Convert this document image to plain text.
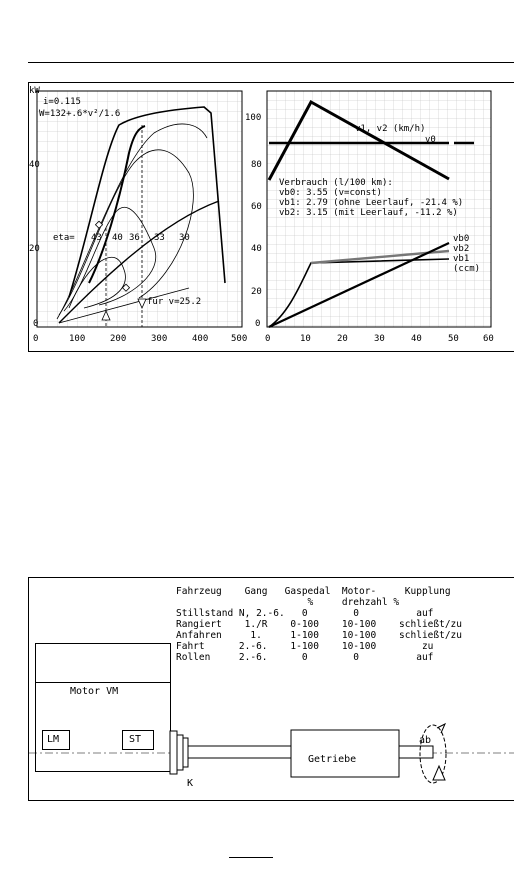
kW
i=0.115
W=132+.6*v²/1.6
0
20
40
0	100	200	300	400	500
eta= 43 40 36 33 30
für v=25.2
0
20
40
60
80
100
0	10	20	30	40	50	60
v1, v2 (km/h)
v0
Verbrauch (l/100 km):
vb0: 3.55 (v=const)
vb1: 2.79 (ohne Leerlauf, -21.4 %)
vb2: 3.15 (mit Leerlauf, -11.2 %)
vb0
vb2
vb1
(ccm)
Fahrzeug    Gang   Gaspedal  Motor-     Kupplung
%     drehzahl %
Stillstand N, 2.-6.   0        0          auf
Rangiert    1./R    0-100    10-100    schließt/zu
Anfahren     1.     1-100    10-100    schließt/zu
Fahrt      2.-6.    1-100    10-100        zu
Rollen     2.-6.      0        0          auf
Motor VM
LM	ST
K
Getriebe
ab
